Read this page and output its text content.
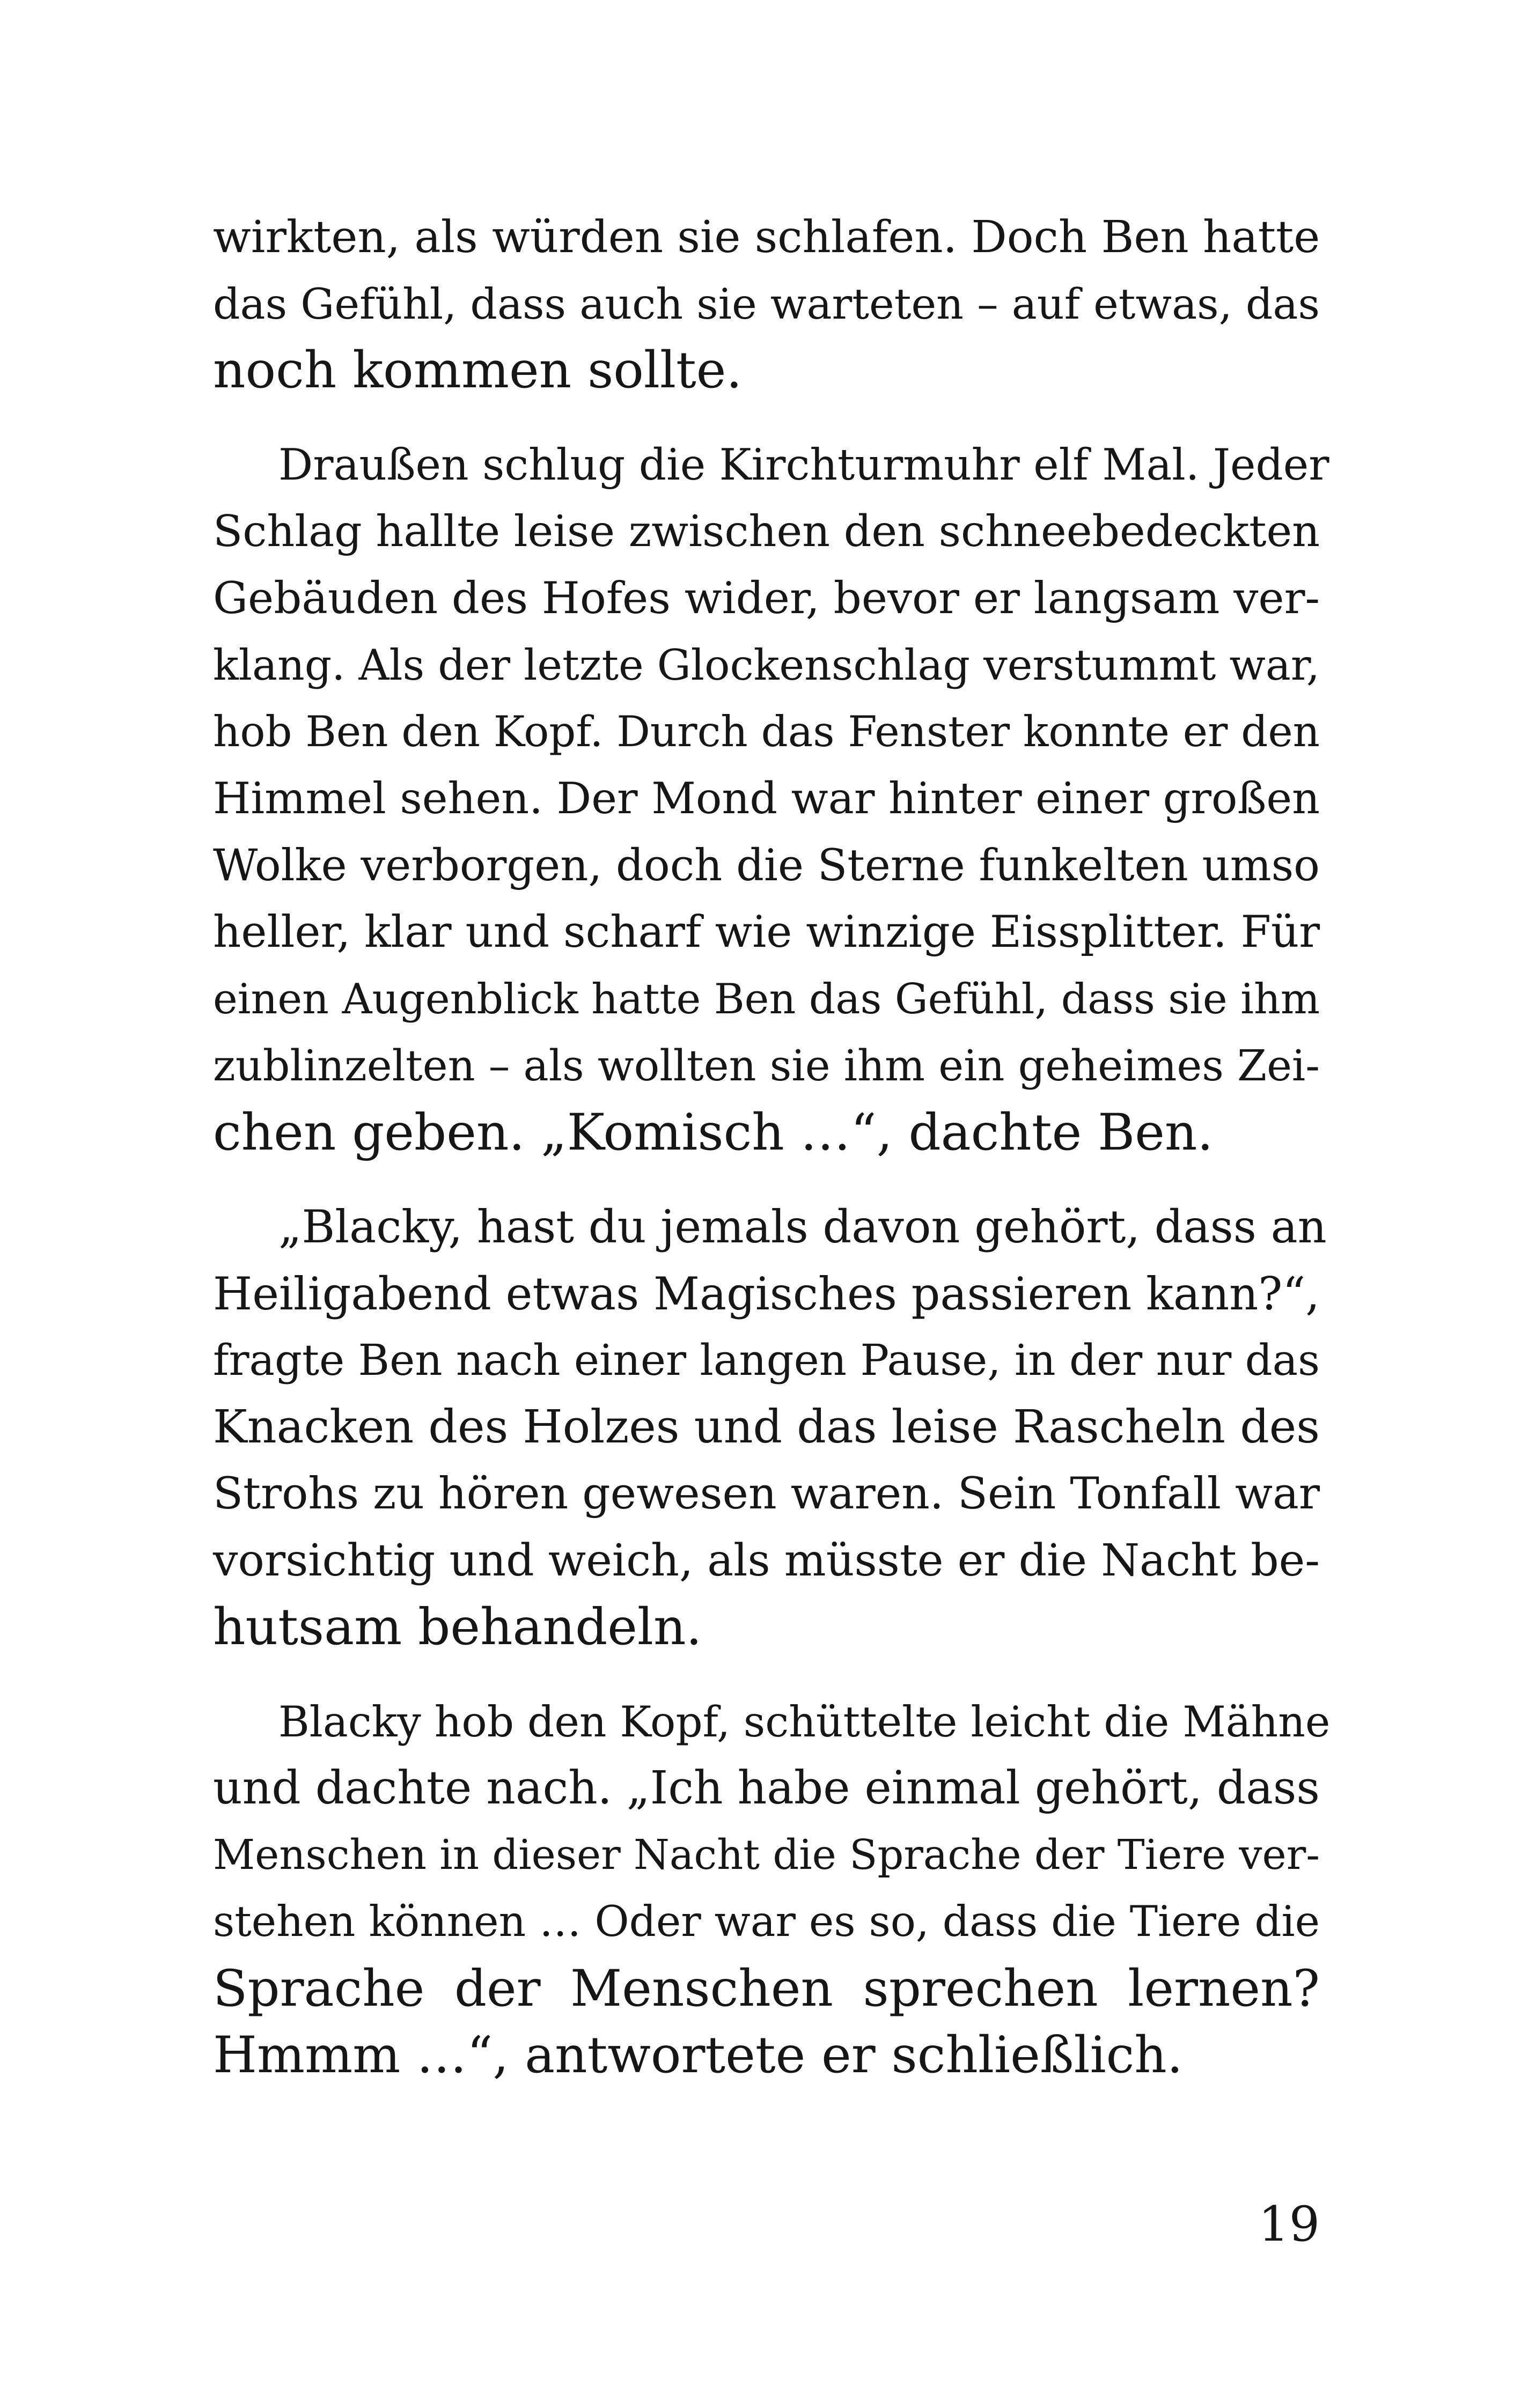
wirkten, als würden sie schlafen. Doch Ben hatte
das Gefühl, dass auch sie warteten – auf etwas, das
noch kommen sollte.

Draußen schlug die Kirchturmuhr elf Mal. Jeder
Schlag hallte leise zwischen den schneebedeckten
Gebäuden des Hofes wider, bevor er langsam ver-
klang. Als der letzte Glockenschlag verstummt war,
hob Ben den Kopf. Durch das Fenster konnte er den
Himmel sehen. Der Mond war hinter einer großen
Wolke verborgen, doch die Sterne funkelten umso
heller, klar und scharf wie winzige Eissplitter. Für
einen Augenblick hatte Ben das Gefühl, dass sie ihm
zublinzelten – als wollten sie ihm ein geheimes Zei-
chen geben. „Komisch …“, dachte Ben.

„Blacky, hast du jemals davon gehört, dass an
Heiligabend etwas Magisches passieren kann?“,
fragte Ben nach einer langen Pause, in der nur das
Knacken des Holzes und das leise Rascheln des
Strohs zu hören gewesen waren. Sein Tonfall war
vorsichtig und weich, als müsste er die Nacht be-
hutsam behandeln.

Blacky hob den Kopf, schüttelte leicht die Mähne
und dachte nach. „Ich habe einmal gehört, dass
Menschen in dieser Nacht die Sprache der Tiere ver-
stehen können … Oder war es so, dass die Tiere die
Sprache der Menschen sprechen lernen?
Hmmm …“, antwortete er schließlich.

19
